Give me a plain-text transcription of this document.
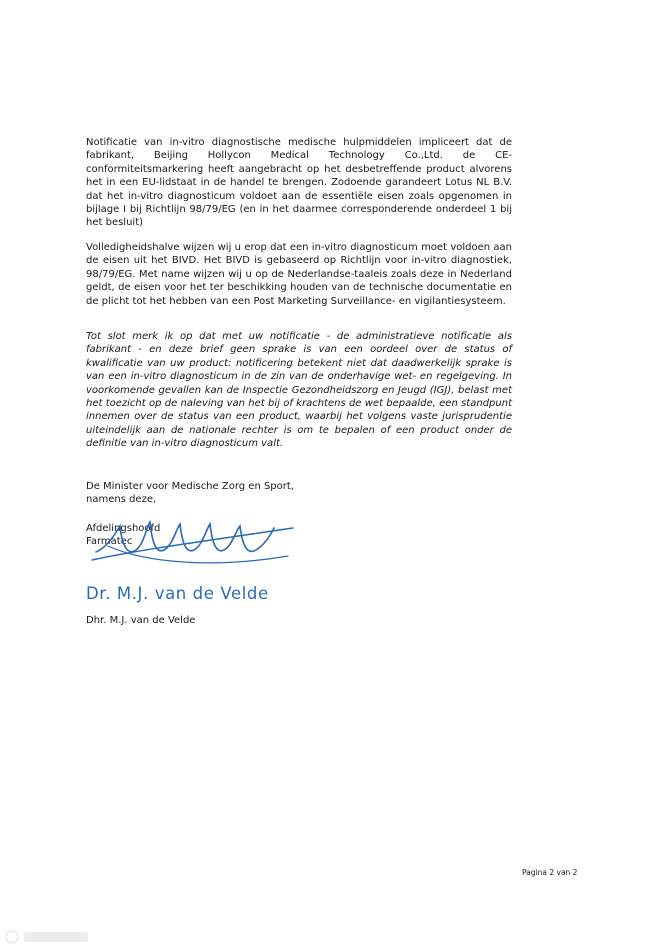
Notificatie van in-vitro diagnostische medische hulpmiddelen impliceert dat de fabrikant, Beijing Hollycon Medical Technology Co.,Ltd. de CE-conformiteitsmarkering heeft aangebracht op het desbetreffende product alvorens het in een EU-lidstaat in de handel te brengen. Zodoende garandeert Lotus NL B.V. dat het in-vitro diagnosticum voldoet aan de essentiële eisen zoals opgenomen in bijlage I bij Richtlijn 98/79/EG (en in het daarmee corresponderende onderdeel 1 bij het besluit)

Volledigheidshalve wijzen wij u erop dat een in-vitro diagnosticum moet voldoen aan de eisen uit het BIVD. Het BIVD is gebaseerd op Richtlijn voor in-vitro diagnostiek, 98/79/EG. Met name wijzen wij u op de Nederlandse-taaleis zoals deze in Nederland geldt, de eisen voor het ter beschikking houden van de technische documentatie en de plicht tot het hebben van een Post Marketing Surveillance- en vigilantiesysteem.

Tot slot merk ik op dat met uw notificatie - de administratieve notificatie als fabrikant - en deze brief geen sprake is van een oordeel over de status of kwalificatie van uw product: notificering betekent niet dat daadwerkelijk sprake is van een in-vitro diagnosticum in de zin van de onderhavige wet- en regelgeving. In voorkomende gevallen kan de Inspectie Gezondheidszorg en Jeugd (IGJ), belast met het toezicht op de naleving van het bij of krachtens de wet bepaalde, een standpunt innemen over de status van een product, waarbij het volgens vaste jurisprudentie uiteindelijk aan de nationale rechter is om te bepalen of een product onder de definitie van in-vitro diagnosticum valt.

De Minister voor Medische Zorg en Sport,

namens deze,

Afdelingshoofd

Farmatec

Dr. M.J. van de Velde

Dhr. M.J. van de Velde

Pagina 2 van 2
